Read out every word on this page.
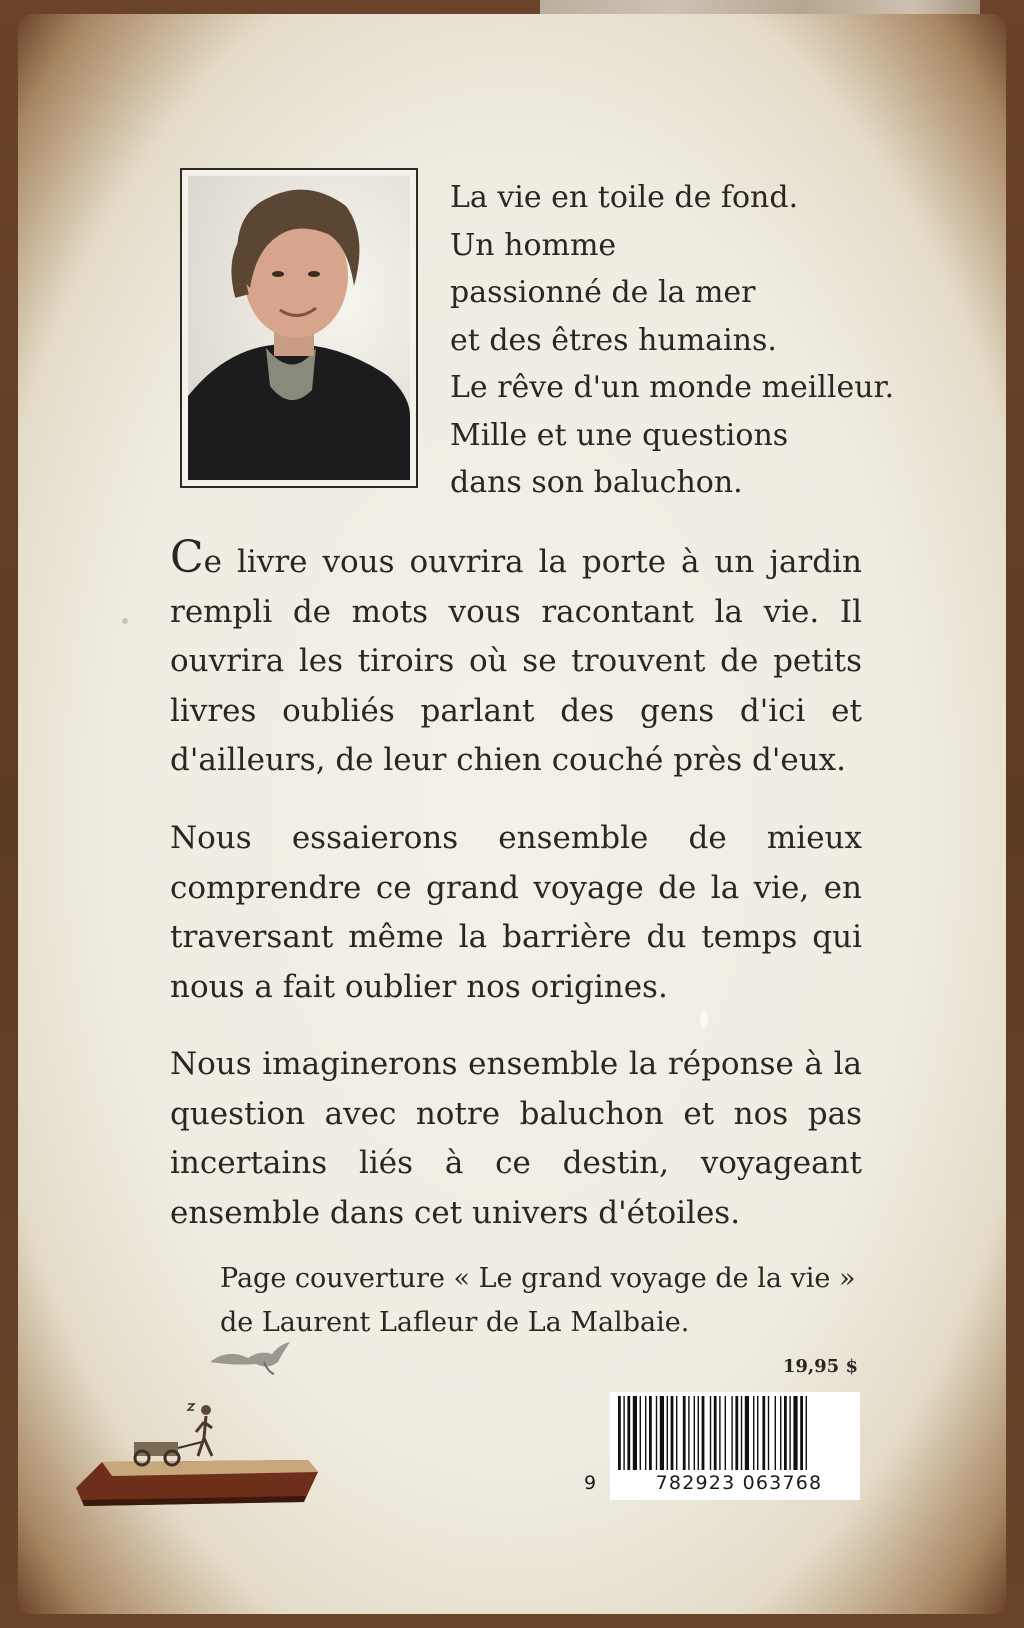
La vie en toile de fond.
Un homme
passionné de la mer
et des êtres humains.
Le rêve d'un monde meilleur.
Mille et une questions
dans son baluchon.

Ce livre vous ouvrira la porte à un jardin rempli de mots vous racontant la vie. Il ouvrira les tiroirs où se trouvent de petits livres oubliés parlant des gens d'ici et d'ailleurs, de leur chien couché près d'eux.

Nous essaierons ensemble de mieux comprendre ce grand voyage de la vie, en traversant même la barrière du temps qui nous a fait oublier nos origines.

Nous imaginerons ensemble la réponse à la question avec notre baluchon et nos pas incertains liés à ce destin, voyageant ensemble dans cet univers d'étoiles.

Page couverture « Le grand voyage de la vie »
de Laurent Lafleur de La Malbaie.
19,95 $
9	782923 063768
